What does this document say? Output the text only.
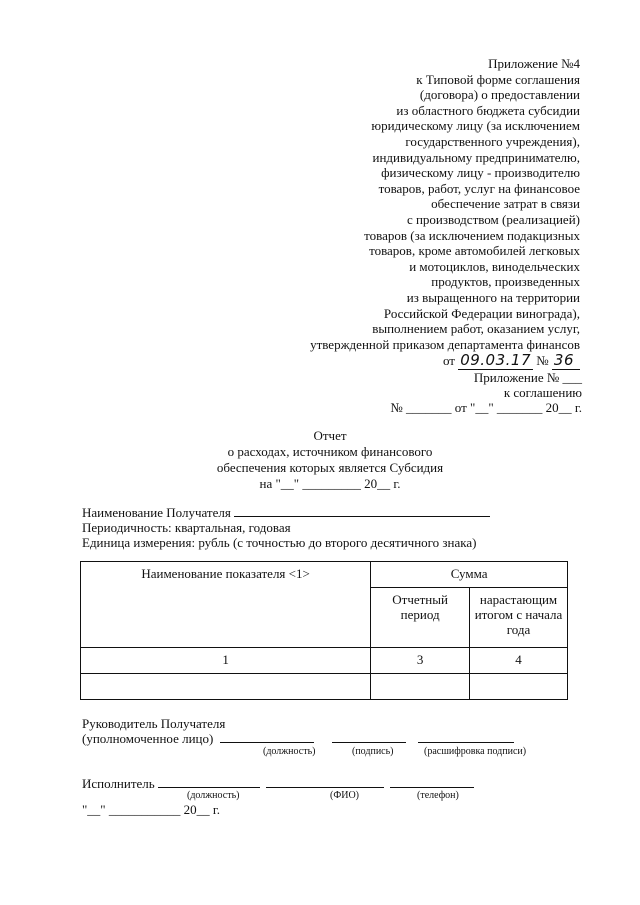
Приложение №4
к Типовой форме соглашения
(договора) о предоставлении
из областного бюджета субсидии
юридическому лицу (за исключением
государственного учреждения),
индивидуальному предпринимателю,
физическому лицу - производителю
товаров, работ, услуг на финансовое
обеспечение затрат в связи
с производством (реализацией)
товаров (за исключением подакцизных
товаров, кроме автомобилей легковых
и мотоциклов, винодельческих
продуктов, произведенных
из выращенного на территории
Российской Федерации винограда),
выполнением работ, оказанием услуг,
утвержденной приказом департамента финансов
от 09.03.17 № 36
Приложение № ___
к соглашению
№ _______ от "__" _______ 20__ г.
Отчет
о расходах, источником финансового
обеспечения которых является Субсидия
на "__" _________ 20__ г.
Наименование Получателя
Периодичность: квартальная, годовая
Единица измерения: рубль (с точностью до второго десятичного знака)
Наименование показателя <1>	Сумма	
	Отчетный период	нарастающим итогом с начала года
1	3	4

Руководитель Получателя
(уполномоченное лицо)
(должность)	(подпись)	(расшифровка подписи)
Исполнитель
(должность)	(ФИО)	(телефон)
"__" ___________ 20__ г.
